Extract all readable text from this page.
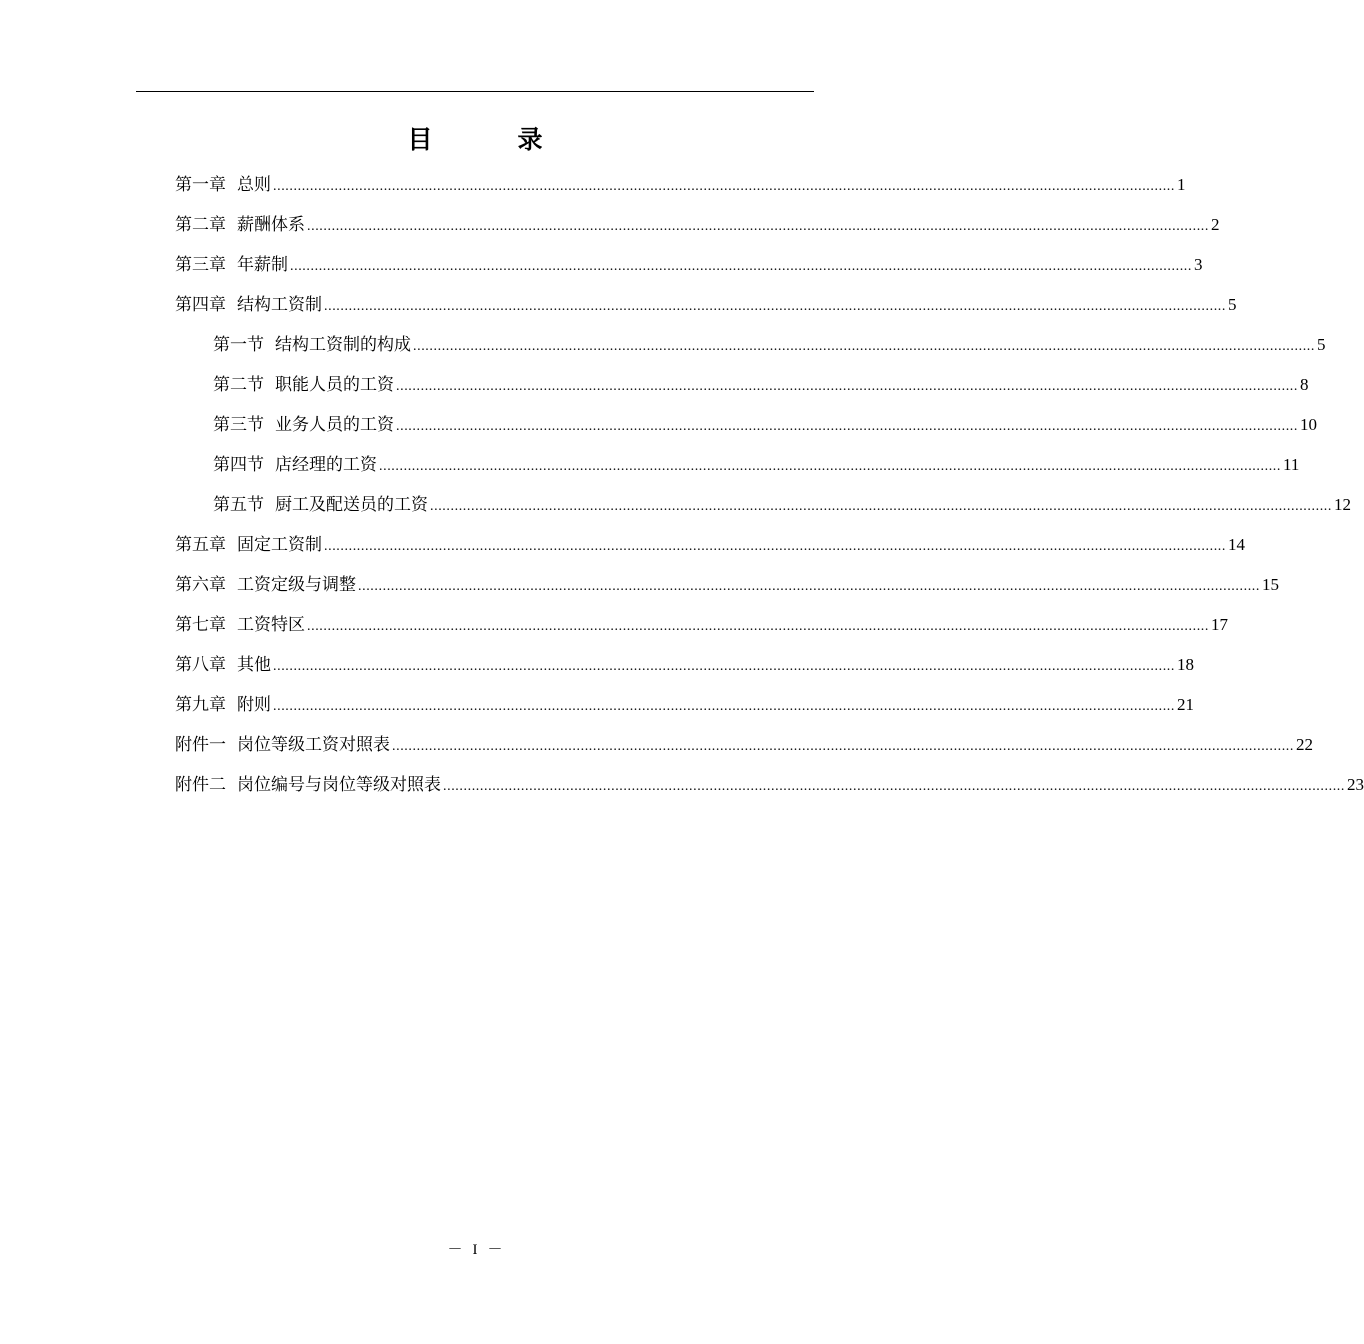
目　录
第一章 总则 ............................................................................................................................................................................................................................ 1
第二章 薪酬体系 ............................................................................................................................................................................................................................ 2
第三章 年薪制 ............................................................................................................................................................................................................................ 3
第四章 结构工资制 ............................................................................................................................................................................................................................ 5
第一节 结构工资制的构成 ............................................................................................................................................................................................................................ 5
第二节 职能人员的工资 ............................................................................................................................................................................................................................ 8
第三节 业务人员的工资 ............................................................................................................................................................................................................................ 10
第四节 店经理的工资 ............................................................................................................................................................................................................................ 11
第五节 厨工及配送员的工资 ............................................................................................................................................................................................................................ 12
第五章 固定工资制 ............................................................................................................................................................................................................................ 14
第六章 工资定级与调整 ............................................................................................................................................................................................................................ 15
第七章 工资特区 ............................................................................................................................................................................................................................ 17
第八章 其他 ............................................................................................................................................................................................................................ 18
第九章 附则 ............................................................................................................................................................................................................................ 21
附件一 岗位等级工资对照表 ............................................................................................................................................................................................................................ 22
附件二 岗位编号与岗位等级对照表 ............................................................................................................................................................................................................................ 23
－ I －
